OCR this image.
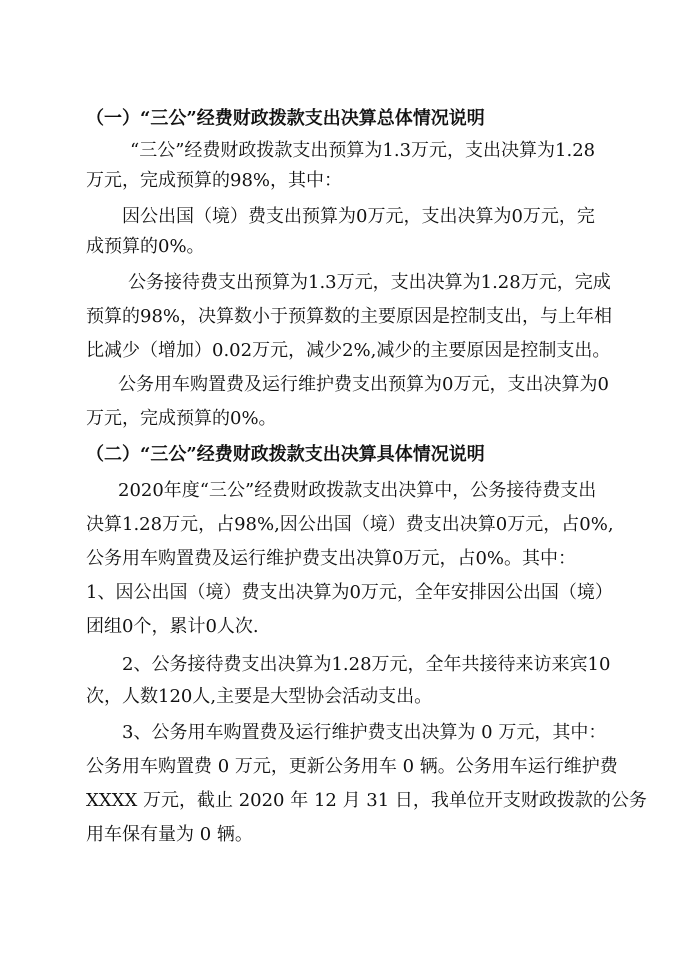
（一）“三公”经费财政拨款支出决算总体情况说明
“三公”经费财政拨款支出预算为1.3万元，支出决算为1.28
万元，完成预算的98%，其中：
因公出国（境）费支出预算为0万元，支出决算为0万元，完
成预算的0%。
公务接待费支出预算为1.3万元，支出决算为1.28万元，完成
预算的98%，决算数小于预算数的主要原因是控制支出，与上年相
比减少（增加）0.02万元，减少2%,减少的主要原因是控制支出。
公务用车购置费及运行维护费支出预算为0万元，支出决算为0
万元，完成预算的0%。
（二）“三公”经费财政拨款支出决算具体情况说明
2020年度“三公”经费财政拨款支出决算中，公务接待费支出
决算1.28万元，占98%,因公出国（境）费支出决算0万元，占0%,
公务用车购置费及运行维护费支出决算0万元，占0%。其中：
1、因公出国（境）费支出决算为0万元，全年安排因公出国（境）
团组0个，累计0人次.
2、公务接待费支出决算为1.28万元，全年共接待来访来宾10
次，人数120人,主要是大型协会活动支出。
3、公务用车购置费及运行维护费支出决算为 0 万元，其中：
公务用车购置费 0 万元，更新公务用车 0 辆。公务用车运行维护费
XXXX 万元，截止 2020 年 12 月 31 日，我单位开支财政拨款的公务
用车保有量为 0 辆。
